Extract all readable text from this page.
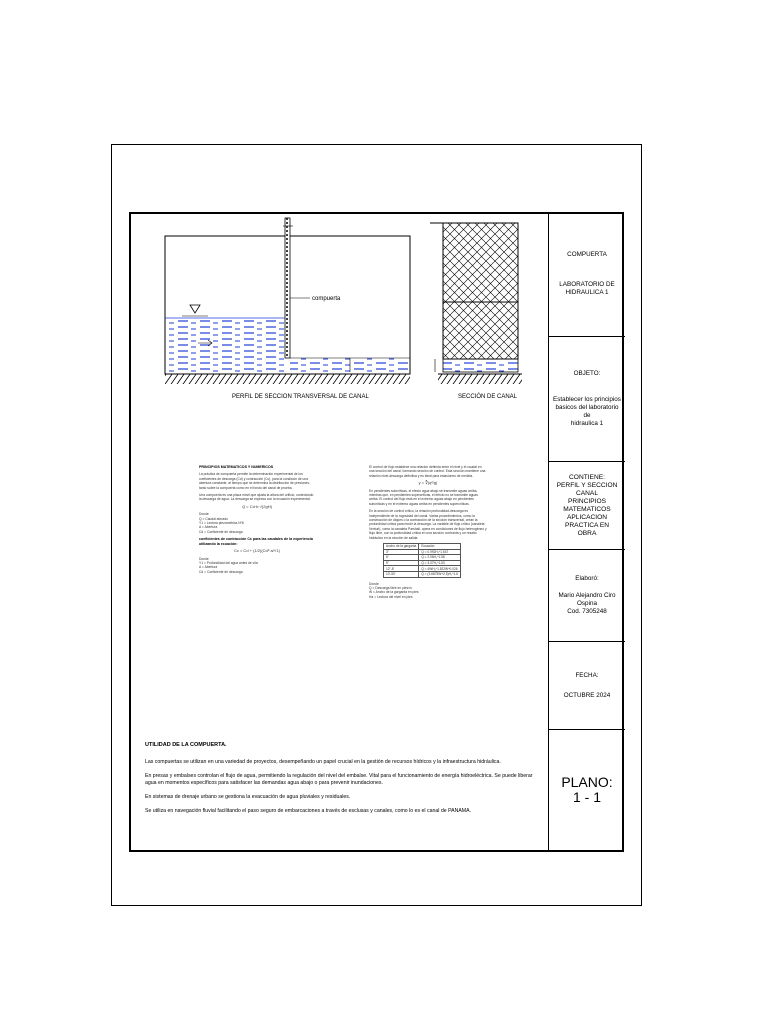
compuerta
PERFIL DE SECCION TRANSVERSAL DE CANAL	SECCIÓN DE CANAL

PRINCIPIOS MATEMATICOS Y NUMERICOS

La práctica de compuerta permite la determinación experimental de los coeficientes de descarga (Cd) y contracción (Cc), para la condición de una abertura constante, al tiempo que se determina la distribución de presiones, tanto sobre la compuerta como en el fondo del canal de prueba.

Una compuerta es una placa móvil que ajusta la altura del orificio, controlando la descarga de agua. La descarga se expresa con la ecuación experimental:

Q = Cd·b·√(2gH)

Donde
Q = Caudal aforado
Y1 = Lectura piezométrica Nº6
A = Abertura
Cd = Coeficiente de descarga

coeficientes de contracción Cc para las caudales de la experiencia utilizando la ecuación:

Cc = Cd + (1/2)(Cd²·a/Y1)

Donde
Y1 = Profundidad del agua antes de v/la
A = Abertura
Cd = Coeficiente de descarga

El control de flujo establece una relación definida entre el nivel y el caudal en una sección del canal, formando sección de control. Esta sección mantiene una relación nivel-descarga definitiva y es ideal para estaciones de medida.

y = ∛(q²/g)

En pendientes subcríticas, el efecto agua abajo se transmite aguas arriba, mientras que, en pendientes supercríticas, el efecto no se transmite aguas arriba. El control del flujo está en el extremo aguas abajo en pendientes subcríticas y en el extremo aguas arriba en pendientes supercríticas.

En la sección de control crítico, la relación profundidad-descarga es independiente de la rugosidad del canal. Varias procedimientos, como la construcción de diques o la contracción de la sección transversal, crean la profundidad crítica para medir la descarga. La variable de flujo crítico (canaleta Venturi), como la canaleta Parshall, opera en condiciones de flujo heterogéneo y flujo libre, con la profundidad crítica en una sección contraída y un resalto hidráulico en la sección de salida.

Ancho de la garganta	Ecuación
3"	Q = 0.992H₁^1.547
6"	Q = 2.06H₁^1.58
9"	Q = 3.07H₁^1.53
12"-8'	Q = 4WH₁^1.522W^0.026
10'-50'	Q = (3.6875W+2.5)H₁^1.6

Donde
Q = Descarga libre en pies³/s
W = Ancho de la garganta en pies
Ha = Lectura del nivel en pies

UTILIDAD DE LA COMPUERTA.

Las compuertas se utilizan en una variedad de proyectos, desempeñando un papel crucial en la gestión de recursos hídricos y la infraestructura hidráulica.

En presas y embalses controlan el flujo de agua, permitiendo la regulación del nivel del embalse. Vital para el funcionamiento de energía hidroeléctrica. Se puede liberar agua en momentos específicos para satisfacer las demandas agua abajo o para prevenir inundaciones.

En sistemas de drenaje urbano se gestiona la evacuación de agua pluviales y residuales.

Se utiliza en navegación fluvial facilitando el paso seguro de embarcaciones a través de esclusas y canales, como lo es el canal de PANAMA.

COMPUERTA
LABORATORIO DE
HIDRAULICA 1
OBJETO:
Establecer los principios
basicos del laboratorio de
hidraulica 1
CONTIENE:
PERFIL Y SECCION CANAL
PRINCIPIOS MATEMATICOS
APLICACION PRACTICA EN
OBRA
Elaboró:
Mario Alejandro Ciro Ospina
Cod. 7305248
FECHA:
OCTUBRE 2024
PLANO:
1 - 1
